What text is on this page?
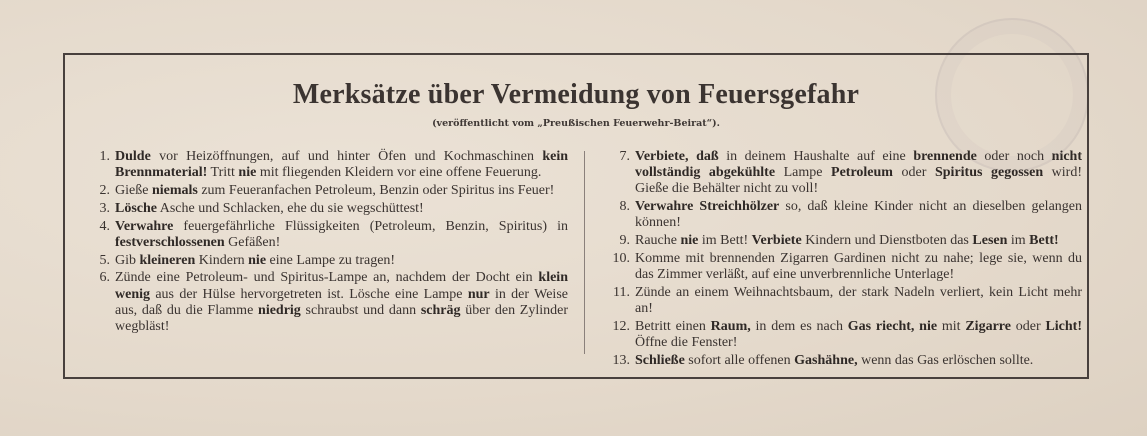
Merksätze über Vermeidung von Feuersgefahr
(veröffentlicht vom „Preußischen Feuerwehr-Beirat“).
1. Dulde vor Heizöffnungen, auf und hinter Öfen und Kochmaschinen kein Brennmaterial! Tritt nie mit fliegenden Kleidern vor eine offene Feuerung.
2. Gieße niemals zum Feueranfachen Petroleum, Benzin oder Spiritus ins Feuer!
3. Lösche Asche und Schlacken, ehe du sie wegschüttest!
4. Verwahre feuergefährliche Flüssigkeiten (Petroleum, Benzin, Spiritus) in festverschlossenen Gefäßen!
5. Gib kleineren Kindern nie eine Lampe zu tragen!
6. Zünde eine Petroleum- und Spiritus-Lampe an, nachdem der Docht ein klein wenig aus der Hülse hervorgetreten ist. Lösche eine Lampe nur in der Weise aus, daß du die Flamme niedrig schraubst und dann schräg über den Zylinder wegbläst!
7. Verbiete, daß in deinem Haushalte auf eine brennende oder noch nicht vollständig abgekühlte Lampe Petroleum oder Spiritus gegossen wird! Gieße die Behälter nicht zu voll!
8. Verwahre Streichhölzer so, daß kleine Kinder nicht an dieselben gelangen können!
9. Rauche nie im Bett! Verbiete Kindern und Dienstboten das Lesen im Bett!
10. Komme mit brennenden Zigarren Gardinen nicht zu nahe; lege sie, wenn du das Zimmer verläßt, auf eine unverbrennliche Unterlage!
11. Zünde an einem Weihnachtsbaum, der stark Nadeln verliert, kein Licht mehr an!
12. Betritt einen Raum, in dem es nach Gas riecht, nie mit Zigarre oder Licht! Öffne die Fenster!
13. Schließe sofort alle offenen Gashähne, wenn das Gas erlöschen sollte.
